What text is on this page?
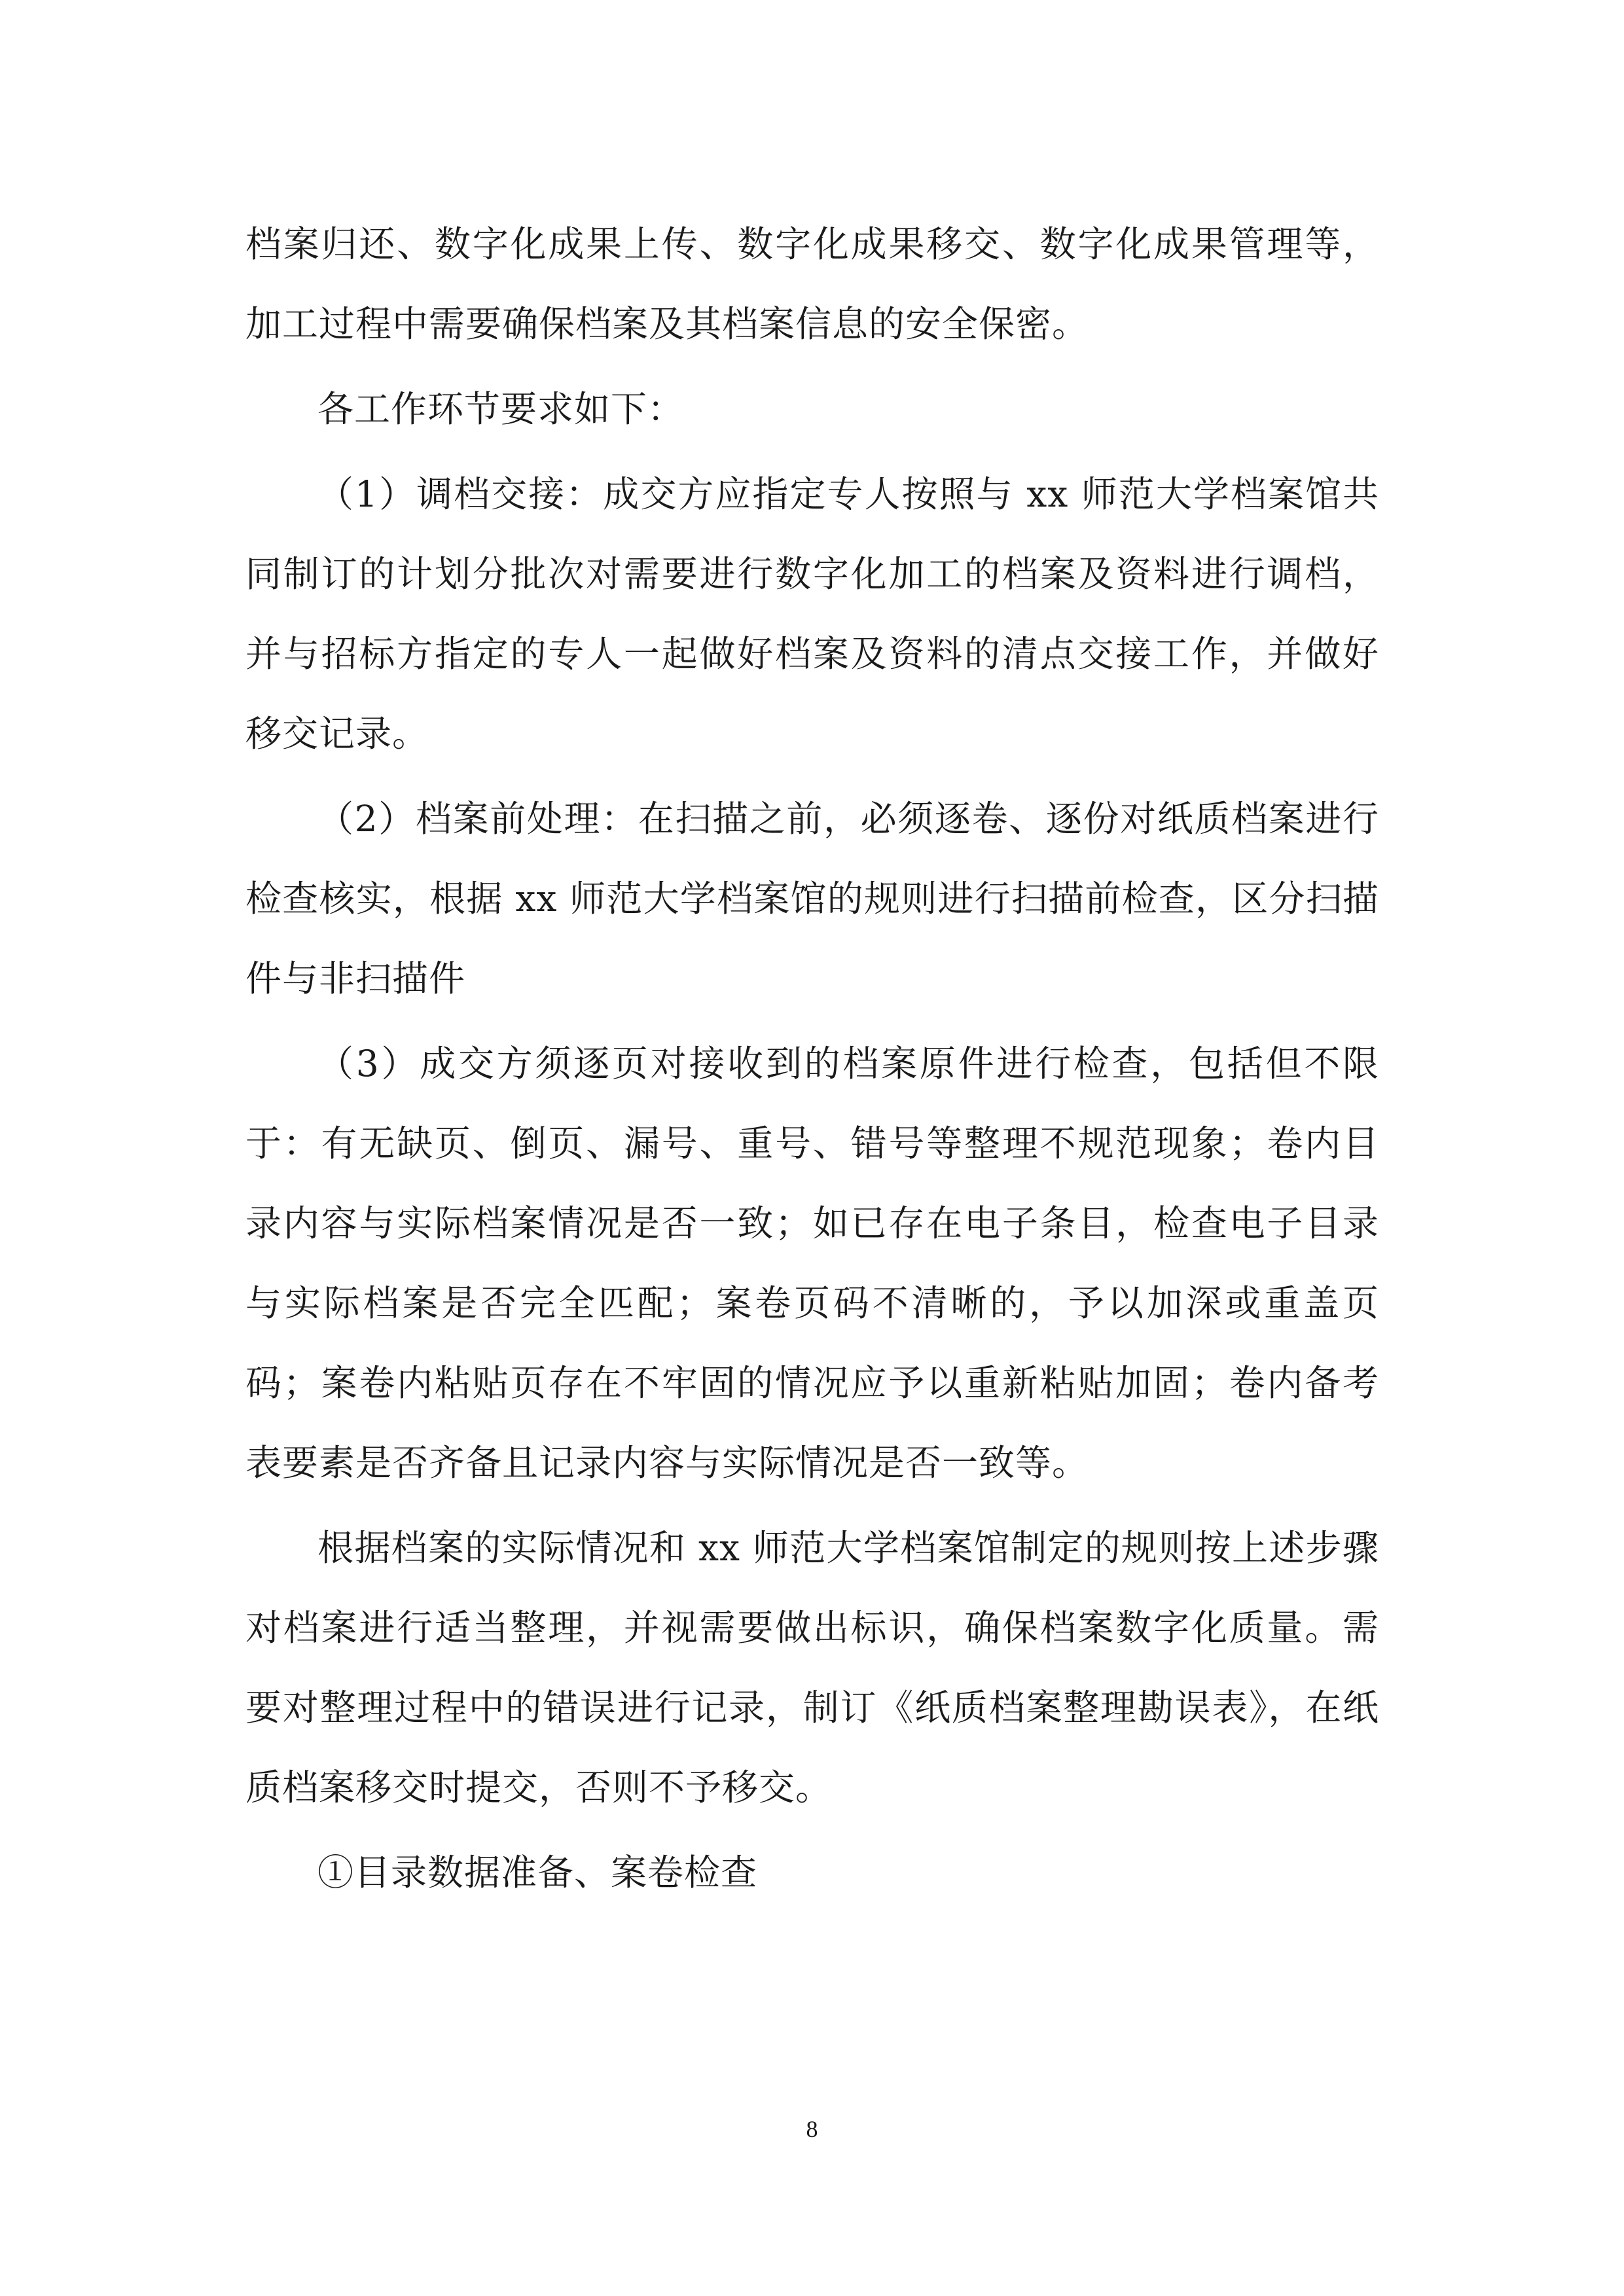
档案归还、数字化成果上传、数字化成果移交、数字化成果管理等，加工过程中需要确保档案及其档案信息的安全保密。

各工作环节要求如下：

（1）调档交接：成交方应指定专人按照与 xx 师范大学档案馆共同制订的计划分批次对需要进行数字化加工的档案及资料进行调档，并与招标方指定的专人一起做好档案及资料的清点交接工作，并做好移交记录。

（2）档案前处理：在扫描之前，必须逐卷、逐份对纸质档案进行检查核实，根据 xx 师范大学档案馆的规则进行扫描前检查，区分扫描件与非扫描件

（3）成交方须逐页对接收到的档案原件进行检查，包括但不限于：有无缺页、倒页、漏号、重号、错号等整理不规范现象；卷内目录内容与实际档案情况是否一致；如已存在电子条目，检查电子目录与实际档案是否完全匹配；案卷页码不清晰的，予以加深或重盖页码；案卷内粘贴页存在不牢固的情况应予以重新粘贴加固；卷内备考表要素是否齐备且记录内容与实际情况是否一致等。

根据档案的实际情况和 xx 师范大学档案馆制定的规则按上述步骤对档案进行适当整理，并视需要做出标识，确保档案数字化质量。需要对整理过程中的错误进行记录，制订《纸质档案整理勘误表》，在纸质档案移交时提交，否则不予移交。

①目录数据准备、案卷检查

8
